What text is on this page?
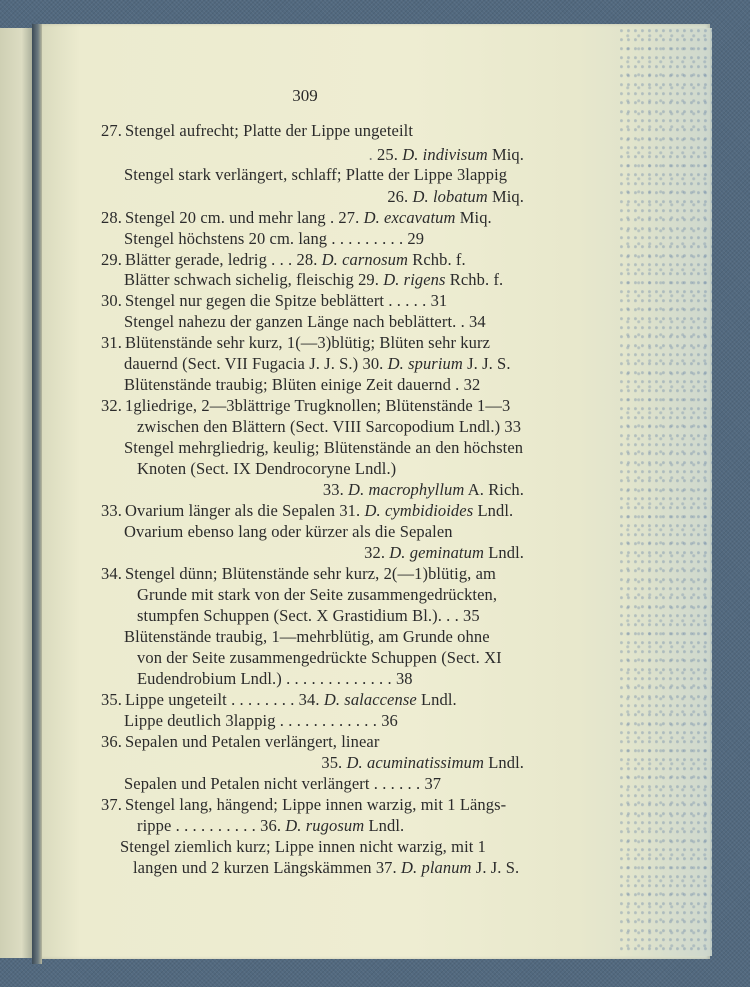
309
27. Stengel aufrecht; Platte der Lippe ungeteilt
. 25. D. indivisum Miq.
Stengel stark verlängert, schlaff; Platte der Lippe 3lappig
26. D. lobatum Miq.
28. Stengel 20 cm. und mehr lang . 27. D. excavatum Miq.
Stengel höchstens 20 cm. lang . . . . . . . . . 29
29. Blätter gerade, ledrig . . . 28. D. carnosum Rchb. f.
Blätter schwach sichelig, fleischig 29. D. rigens Rchb. f.
30. Stengel nur gegen die Spitze beblättert . . . . . 31
Stengel nahezu der ganzen Länge nach beblättert. . 34
31. Blütenstände sehr kurz, 1(—3)blütig; Blüten sehr kurz
dauernd (Sect. VII Fugacia J. J. S.) 30. D. spurium J. J. S.
Blütenstände traubig; Blüten einige Zeit dauernd . 32
32. 1gliedrige, 2—3blättrige Trugknollen; Blütenstände 1—3
zwischen den Blättern (Sect. VIII Sarcopodium Lndl.) 33
Stengel mehrgliedrig, keulig; Blütenstände an den höchsten
Knoten (Sect. IX Dendrocoryne Lndl.)
33. D. macrophyllum A. Rich.
33. Ovarium länger als die Sepalen 31. D. cymbidioides Lndl.
Ovarium ebenso lang oder kürzer als die Sepalen
32. D. geminatum Lndl.
34. Stengel dünn; Blütenstände sehr kurz, 2(—1)blütig, am
Grunde mit stark von der Seite zusammengedrückten,
stumpfen Schuppen (Sect. X Grastidium Bl.). . . 35
Blütenstände traubig, 1—mehrblütig, am Grunde ohne
von der Seite zusammengedrückte Schuppen (Sect. XI
Eudendrobium Lndl.) . . . . . . . . . . . . . 38
35. Lippe ungeteilt . . . . . . . . 34. D. salaccense Lndl.
Lippe deutlich 3lappig . . . . . . . . . . . . 36
36. Sepalen und Petalen verlängert, linear
35. D. acuminatissimum Lndl.
Sepalen und Petalen nicht verlängert . . . . . . 37
37. Stengel lang, hängend; Lippe innen warzig, mit 1 Längs-
rippe . . . . . . . . . . 36. D. rugosum Lndl.
Stengel ziemlich kurz; Lippe innen nicht warzig, mit 1
langen und 2 kurzen Längskämmen 37. D. planum J. J. S.
